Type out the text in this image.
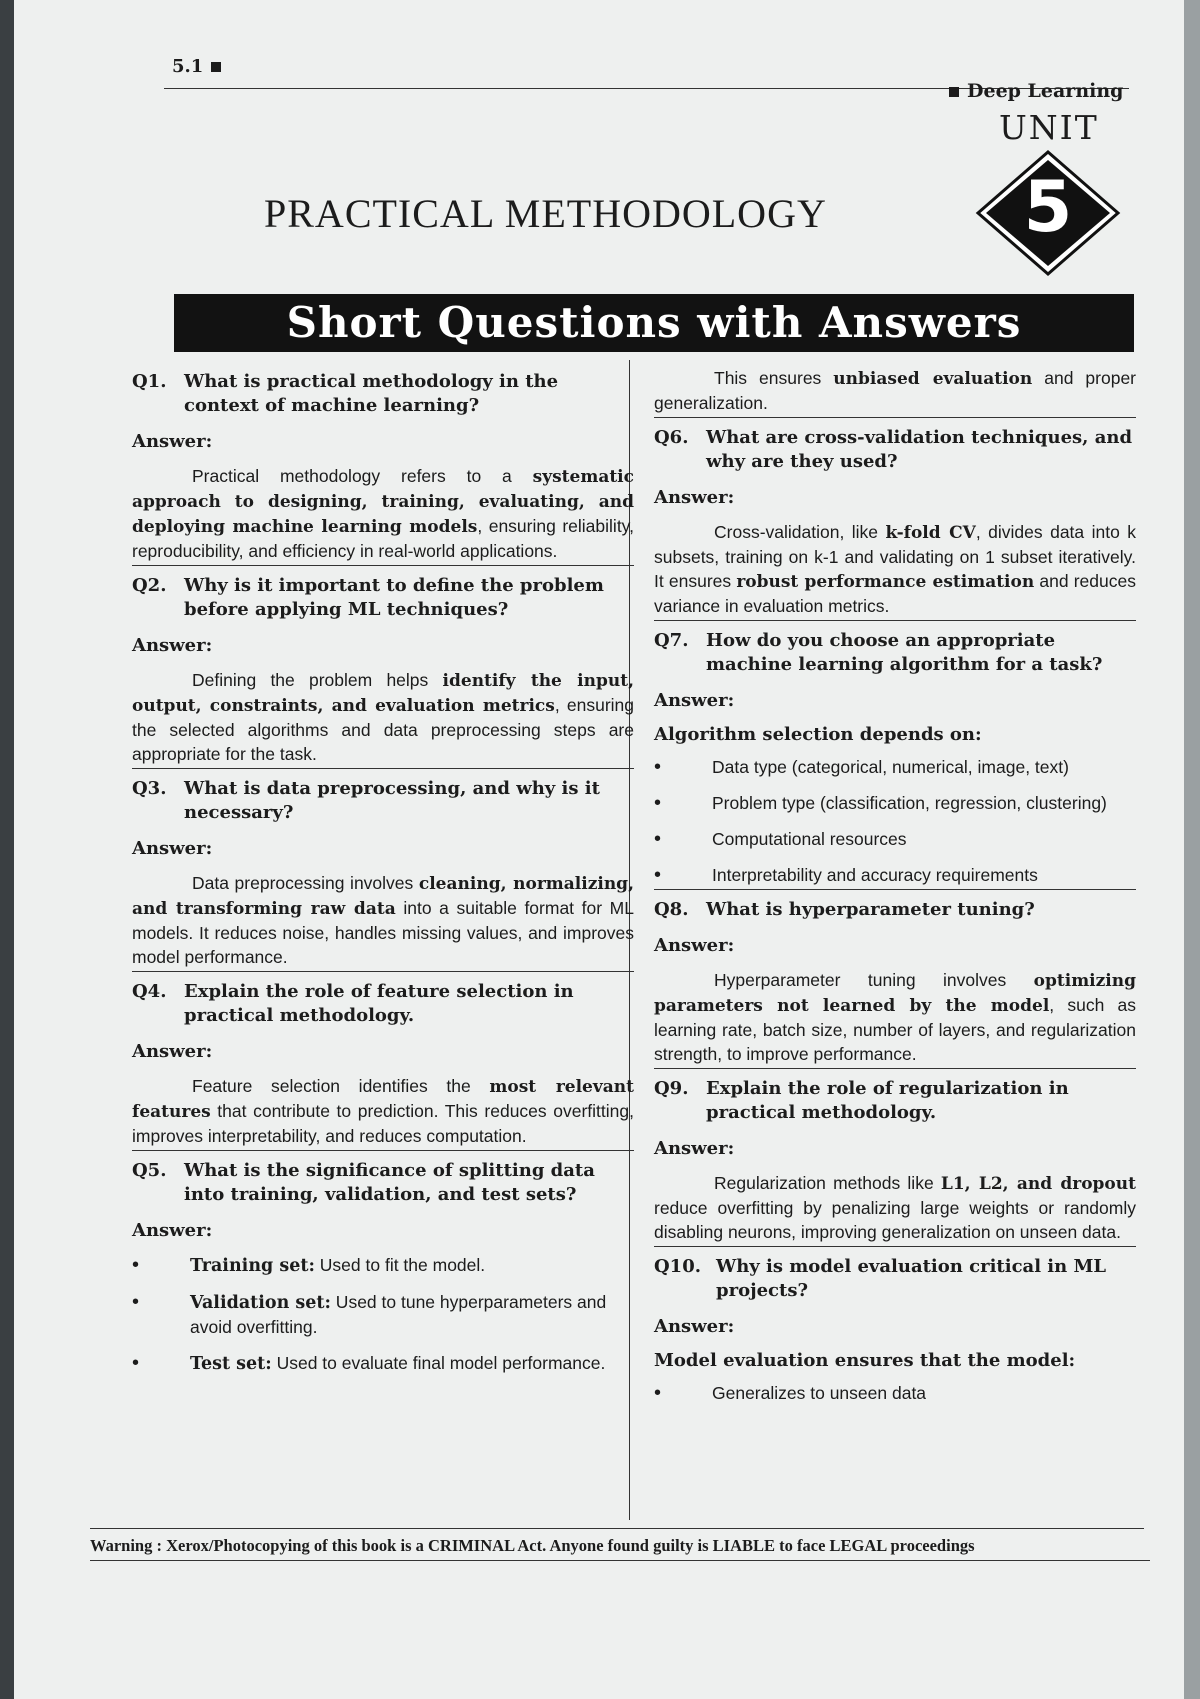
5.1
Deep Learning
UNIT
5
PRACTICAL METHODOLOGY
Short Questions with Answers
Q1. What is practical methodology in the context of machine learning?
Answer:
Practical methodology refers to a systematic approach to designing, training, evaluating, and deploying machine learning models, ensuring reliability, reproducibility, and efficiency in real-world applications.
Q2. Why is it important to define the problem before applying ML techniques?
Answer:
Defining the problem helps identify the input, output, constraints, and evaluation metrics, ensuring the selected algorithms and data preprocessing steps are appropriate for the task.
Q3. What is data preprocessing, and why is it necessary?
Answer:
Data preprocessing involves cleaning, normalizing, and transforming raw data into a suitable format for ML models. It reduces noise, handles missing values, and improves model performance.
Q4. Explain the role of feature selection in practical methodology.
Answer:
Feature selection identifies the most relevant features that contribute to prediction. This reduces overfitting, improves interpretability, and reduces computation.
Q5. What is the significance of splitting data into training, validation, and test sets?
Answer:
•	Training set: Used to fit the model.
•	Validation set: Used to tune hyperparameters and avoid overfitting.
•	Test set: Used to evaluate final model performance.
This ensures unbiased evaluation and proper generalization.
Q6. What are cross-validation techniques, and why are they used?
Answer:
Cross-validation, like k-fold CV, divides data into k subsets, training on k-1 and validating on 1 subset iteratively. It ensures robust performance estimation and reduces variance in evaluation metrics.
Q7. How do you choose an appropriate machine learning algorithm for a task?
Answer:
Algorithm selection depends on:
•	Data type (categorical, numerical, image, text)
•	Problem type (classification, regression, clustering)
•	Computational resources
•	Interpretability and accuracy requirements
Q8. What is hyperparameter tuning?
Answer:
Hyperparameter tuning involves optimizing parameters not learned by the model, such as learning rate, batch size, number of layers, and regularization strength, to improve performance.
Q9. Explain the role of regularization in practical methodology.
Answer:
Regularization methods like L1, L2, and dropout reduce overfitting by penalizing large weights or randomly disabling neurons, improving generalization on unseen data.
Q10. Why is model evaluation critical in ML projects?
Answer:
Model evaluation ensures that the model:
•	Generalizes to unseen data
Warning : Xerox/Photocopying of this book is a CRIMINAL Act. Anyone found guilty is LIABLE to face LEGAL proceedings
